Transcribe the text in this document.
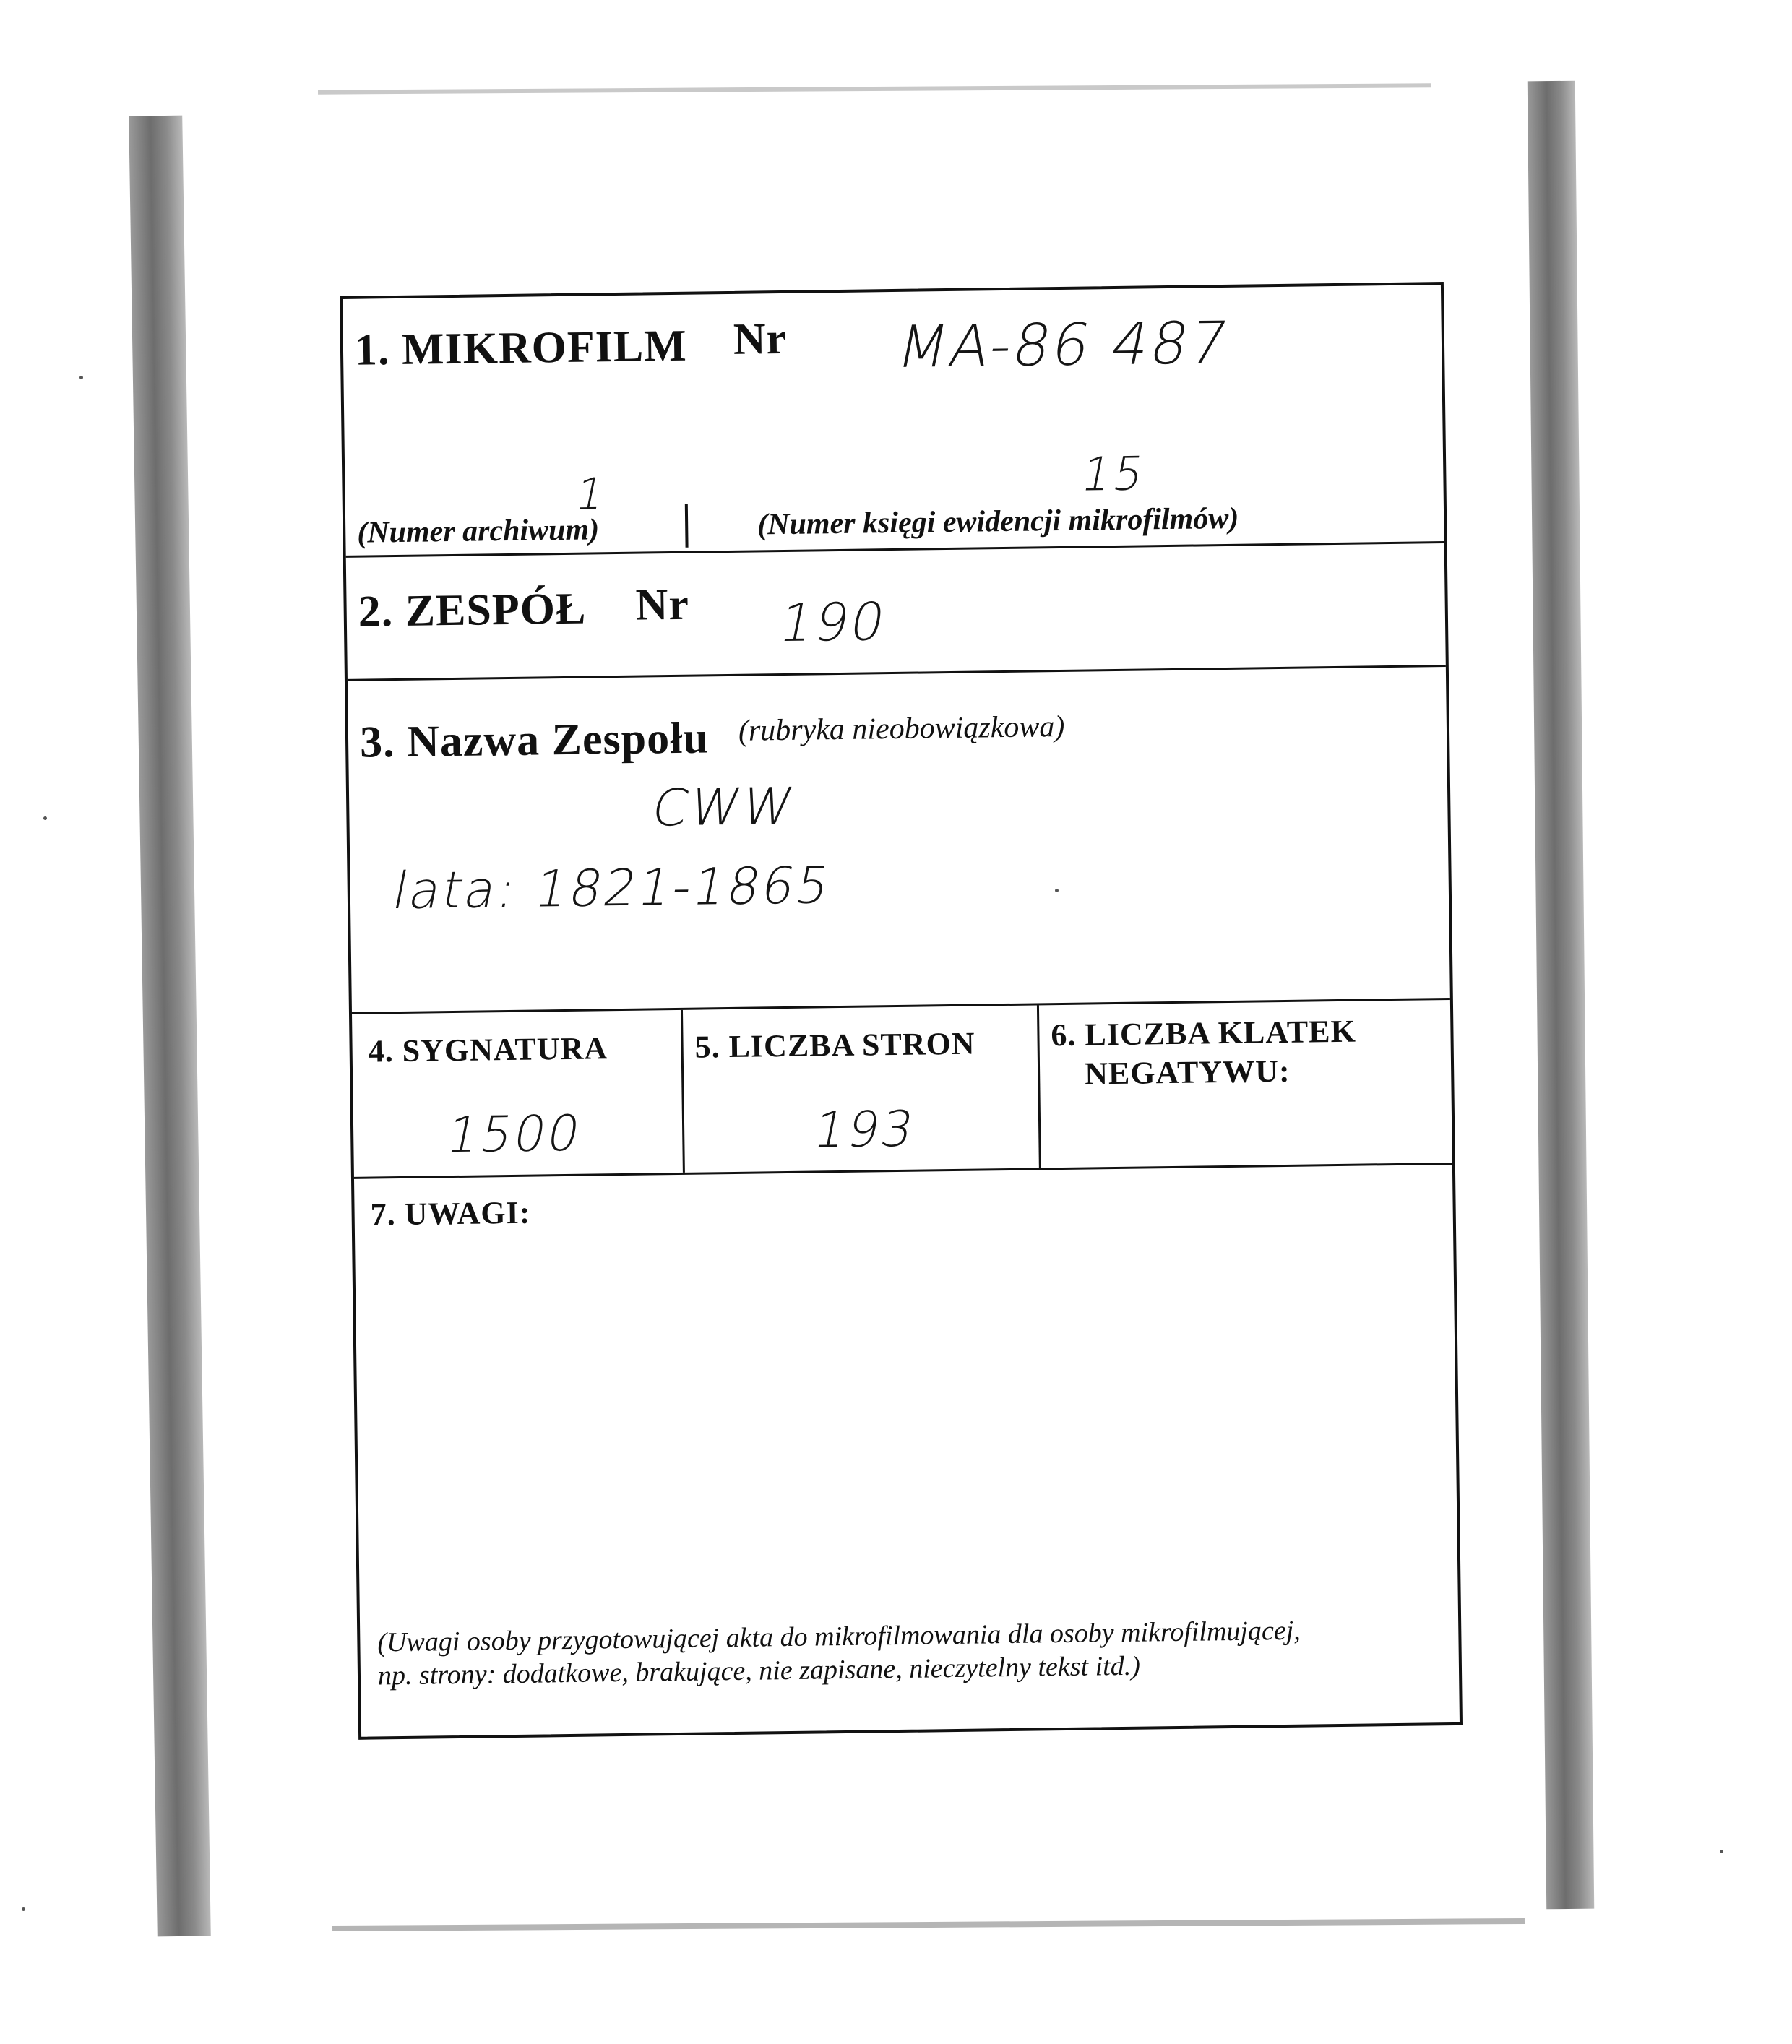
1. MIKROFILM Nr MA-86 487
1
(Numer archiwum)
15
(Numer księgi ewidencji mikrofilmów)
2. ZESPÓŁ Nr 190
3. Nazwa Zespołu (rubryka nieobowiązkowa)
CWW
lata: 1821-1865
4. SYGNATURA
1500
5. LICZBA STRON
193
6. LICZBA KLATEK
NEGATYWU:
7. UWAGI:
(Uwagi osoby przygotowującej akta do mikrofilmowania dla osoby mikrofilmującej,
np. strony: dodatkowe, brakujące, nie zapisane, nieczytelny tekst itd.)
